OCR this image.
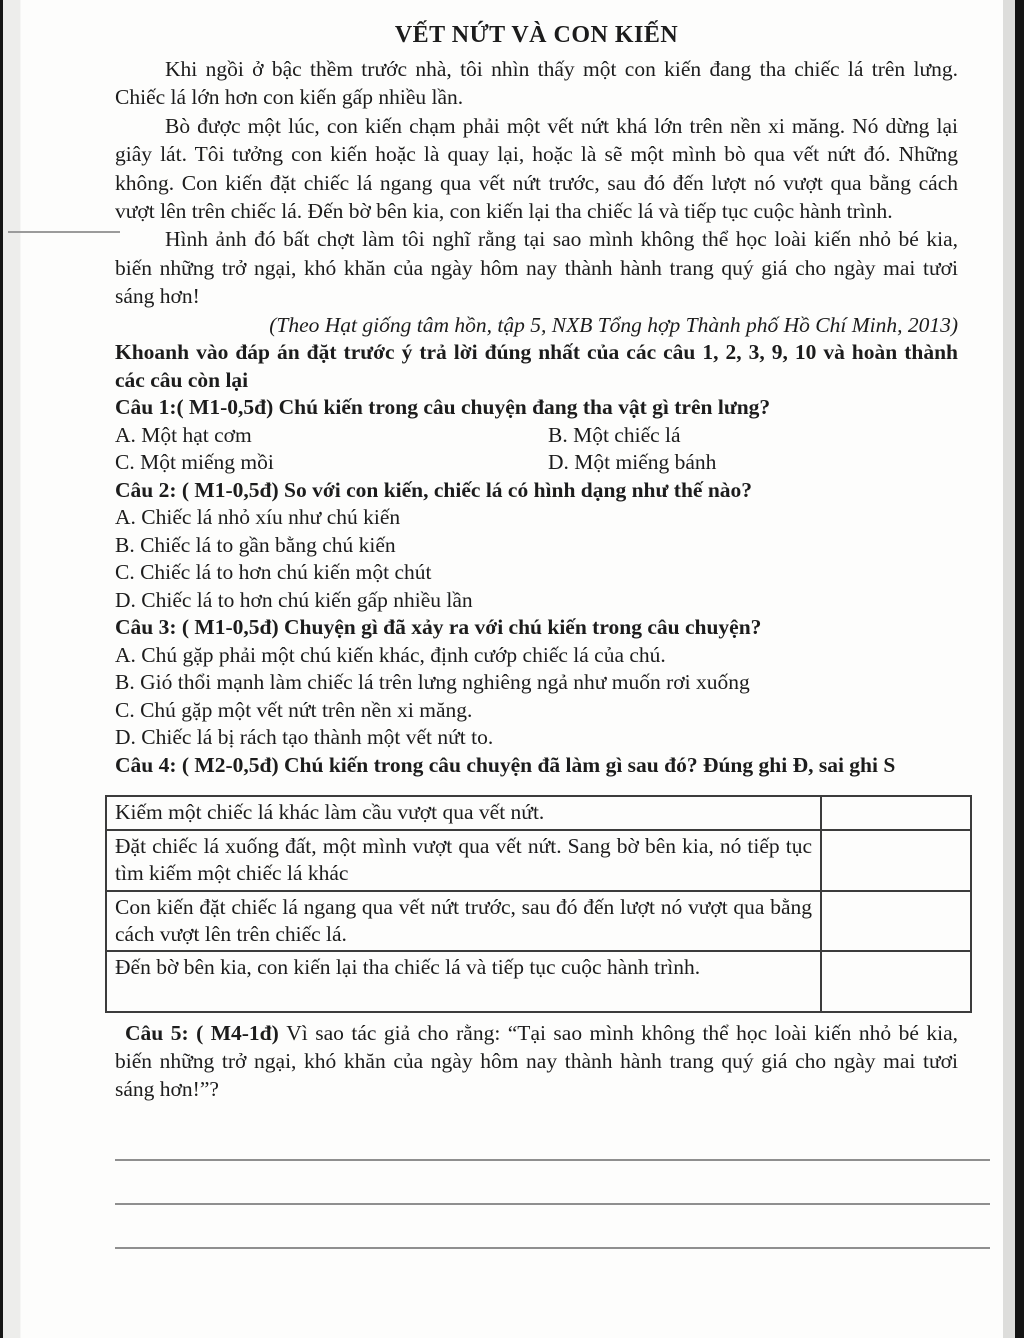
VẾT NỨT VÀ CON KIẾN

Khi ngồi ở bậc thềm trước nhà, tôi nhìn thấy một con kiến đang tha chiếc lá trên lưng. Chiếc lá lớn hơn con kiến gấp nhiều lần.

Bò được một lúc, con kiến chạm phải một vết nứt khá lớn trên nền xi măng. Nó dừng lại giây lát. Tôi tưởng con kiến hoặc là quay lại, hoặc là sẽ một mình bò qua vết nứt đó. Những không. Con kiến đặt chiếc lá ngang qua vết nứt trước, sau đó đến lượt nó vượt qua bằng cách vượt lên trên chiếc lá. Đến bờ bên kia, con kiến lại tha chiếc lá và tiếp tục cuộc hành trình.

Hình ảnh đó bất chợt làm tôi nghĩ rằng tại sao mình không thể học loài kiến nhỏ bé kia, biến những trở ngại, khó khăn của ngày hôm nay thành hành trang quý giá cho ngày mai tươi sáng hơn!

(Theo Hạt giống tâm hồn, tập 5, NXB Tổng hợp Thành phố Hồ Chí Minh, 2013)

Khoanh vào đáp án đặt trước ý trả lời đúng nhất của các câu 1, 2, 3, 9, 10 và hoàn thành các câu còn lại

Câu 1:( M1-0,5đ) Chú kiến trong câu chuyện đang tha vật gì trên lưng?

A. Một hạt cơm	B. Một chiếc lá
C. Một miếng mồi	D. Một miếng bánh

Câu 2: ( M1-0,5đ) So với con kiến, chiếc lá có hình dạng như thế nào?

A. Chiếc lá nhỏ xíu như chú kiến

B. Chiếc lá to gần bằng chú kiến

C. Chiếc lá to hơn chú kiến một chút

D. Chiếc lá to hơn chú kiến gấp nhiều lần

Câu 3: ( M1-0,5đ) Chuyện gì đã xảy ra với chú kiến trong câu chuyện?

A. Chú gặp phải một chú kiến khác, định cướp chiếc lá của chú.

B. Gió thổi mạnh làm chiếc lá trên lưng nghiêng ngả như muốn rơi xuống

C. Chú gặp một vết nứt trên nền xi măng.

D. Chiếc lá bị rách tạo thành một vết nứt to.

Câu 4: ( M2-0,5đ) Chú kiến trong câu chuyện đã làm gì sau đó? Đúng ghi Đ, sai ghi S

Kiếm một chiếc lá khác làm cầu vượt qua vết nứt.	
Đặt chiếc lá xuống đất, một mình vượt qua vết nứt. Sang bờ bên kia, nó tiếp tục tìm kiếm một chiếc lá khác	
Con kiến đặt chiếc lá ngang qua vết nứt trước, sau đó đến lượt nó vượt qua bằng cách vượt lên trên chiếc lá.	
Đến bờ bên kia, con kiến lại tha chiếc lá và tiếp tục cuộc hành trình.	

Câu 5: ( M4-1đ) Vì sao tác giả cho rằng: “Tại sao mình không thể học loài kiến nhỏ bé kia, biến những trở ngại, khó khăn của ngày hôm nay thành hành trang quý giá cho ngày mai tươi sáng hơn!”?
